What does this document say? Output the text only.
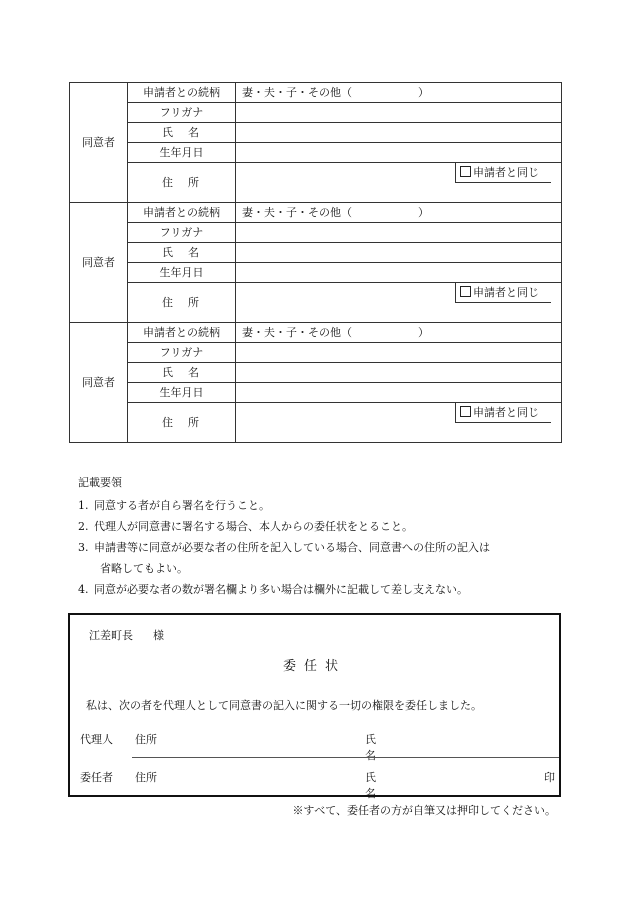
同意者	申請者との続柄	妻・夫・子・その他（　　　　　　）
	フリガナ	
	氏　名	
	生年月日	
	住　所	申請者と同じ

同意者	申請者との続柄	妻・夫・子・その他（　　　　　　）
	フリガナ	
	氏　名	
	生年月日	
	住　所	申請者と同じ

同意者	申請者との続柄	妻・夫・子・その他（　　　　　　）
	フリガナ	
	氏　名	
	生年月日	
	住　所	申請者と同じ
記載要領
1. 同意する者が自ら署名を行うこと。
2. 代理人が同意書に署名する場合、本人からの委任状をとること。
3. 申請書等に同意が必要な者の住所を記入している場合、同意書への住所の記入は
省略してもよい。
4. 同意が必要な者の数が署名欄より多い場合は欄外に記載して差し支えない。
江差町長 様
委任状
私は、次の者を代理人として同意書の記入に関する一切の権限を委任しました。
代理人 住所	氏名
委任者 住所	氏名
印
※すべて、委任者の方が自筆又は押印してください。
